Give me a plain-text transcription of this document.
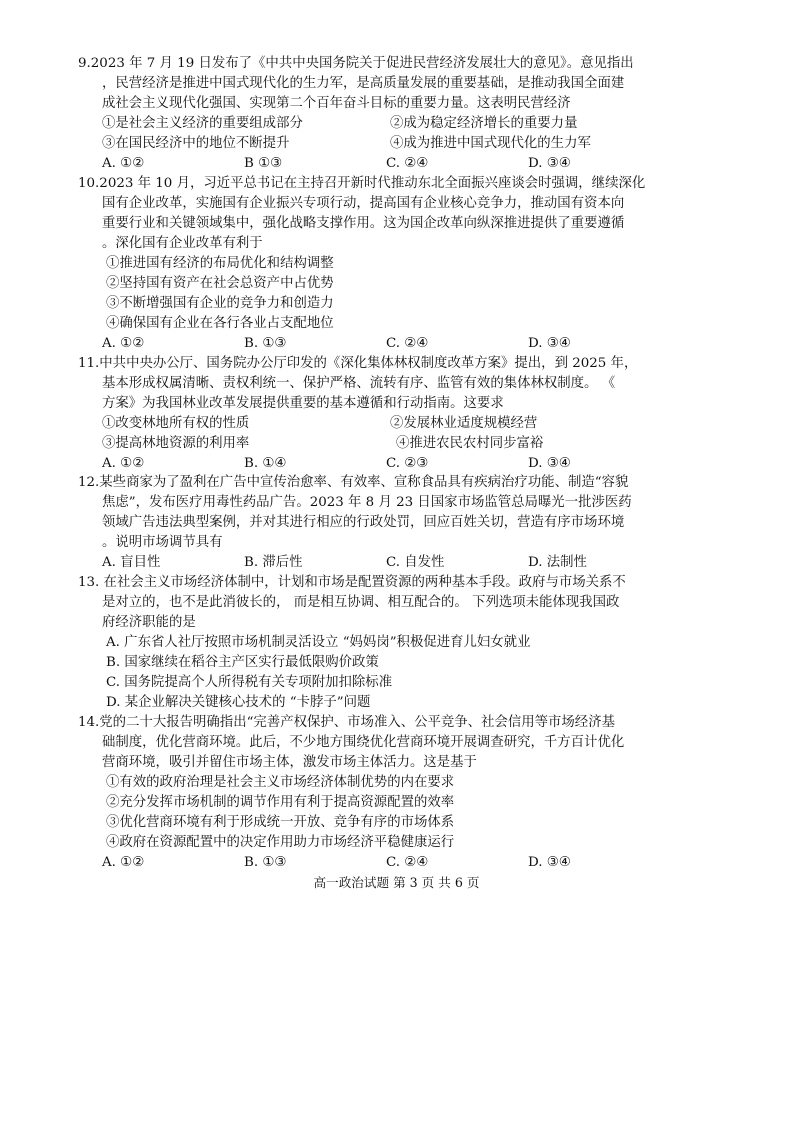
9.2023 年 7 月 19 日发布了《中共中央国务院关于促进民营经济发展壮大的意见》。意见指出
，民营经济是推进中国式现代化的生力军，是高质量发展的重要基础，是推动我国全面建
成社会主义现代化强国、实现第二个百年奋斗目标的重要力量。这表明民营经济
①是社会主义经济的重要组成部分	②成为稳定经济增长的重要力量
③在国民经济中的地位不断提升	④成为推进中国式现代化的生力军
A. ①②	B ①③	C. ②④	D. ③④
10.2023 年 10 月，习近平总书记在主持召开新时代推动东北全面振兴座谈会时强调，继续深化
国有企业改革，实施国有企业振兴专项行动，提高国有企业核心竞争力，推动国有资本向
重要行业和关键领域集中，强化战略支撑作用。这为国企改革向纵深推进提供了重要遵循
。深化国有企业改革有利于
①推进国有经济的布局优化和结构调整
②坚持国有资产在社会总资产中占优势
③不断增强国有企业的竞争力和创造力
④确保国有企业在各行各业占支配地位
A. ①②	B. ①③	C. ②④	D. ③④
11.中共中央办公厅、国务院办公厅印发的《深化集体林权制度改革方案》提出，到 2025 年，
基本形成权属清晰、责权利统一、保护严格、流转有序、监管有效的集体林权制度。 《
方案》为我国林业改革发展提供重要的基本遵循和行动指南。这要求
①改变林地所有权的性质	②发展林业适度规模经营
③提高林地资源的利用率	④推进农民农村同步富裕
A. ①②	B. ①④	C. ②③	D. ③④
12.某些商家为了盈利在广告中宣传治愈率、有效率、宣称食品具有疾病治疗功能、制造“容貌
焦虑”，发布医疗用毒性药品广告。2023 年 8 月 23 日国家市场监管总局曝光一批涉医药
领域广告违法典型案例，并对其进行相应的行政处罚，回应百姓关切，营造有序市场环境
。说明市场调节具有
A. 盲目性	B. 滞后性	C. 自发性	D. 法制性
13. 在社会主义市场经济体制中，计划和市场是配置资源的两种基本手段。政府与市场关系不
是对立的，也不是此消彼长的， 而是相互协调、相互配合的。 下列选项未能体现我国政
府经济职能的是
A. 广东省人社厅按照市场机制灵活设立 “妈妈岗”积极促进育儿妇女就业
B. 国家继续在稻谷主产区实行最低限购价政策
C. 国务院提高个人所得税有关专项附加扣除标准
D. 某企业解决关键核心技术的 “卡脖子”问题
14.党的二十大报告明确指出“完善产权保护、市场准入、公平竞争、社会信用等市场经济基
础制度，优化营商环境。此后，不少地方围绕优化营商环境开展调查研究，千方百计优化
营商环境，吸引并留住市场主体，激发市场主体活力。这是基于
①有效的政府治理是社会主义市场经济体制优势的内在要求
②充分发挥市场机制的调节作用有利于提高资源配置的效率
③优化营商环境有利于形成统一开放、竞争有序的市场体系
④政府在资源配置中的决定作用助力市场经济平稳健康运行
A. ①②	B. ①③	C. ②④	D. ③④
高一政治试题 第 3 页 共 6 页
